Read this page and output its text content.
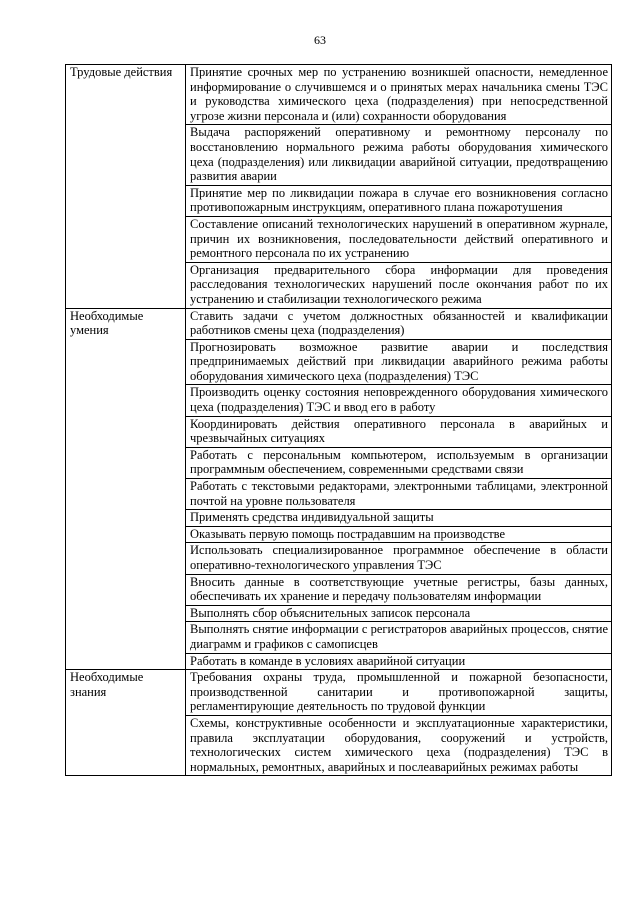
63
Трудовые действия	Принятие срочных мер по устранению возникшей опасности, немедленное информирование о случившемся и о принятых мерах начальника смены ТЭС и руководства химического цеха (подразделения) при непосредственной угрозе жизни персонала и (или) сохранности оборудования
	Выдача распоряжений оперативному и ремонтному персоналу по восстановлению нормального режима работы оборудования химического цеха (подразделения) или ликвидации аварийной ситуации, предотвращению развития аварии
	Принятие мер по ликвидации пожара в случае его возникновения согласно противопожарным инструкциям, оперативного плана пожаротушения
	Составление описаний технологических нарушений в оперативном журнале, причин их возникновения, последовательности действий оперативного и ремонтного персонала по их устранению
	Организация предварительного сбора информации для проведения расследования технологических нарушений после окончания работ по их устранению и стабилизации технологического режима
Необходимые умения	Ставить задачи с учетом должностных обязанностей и квалификации работников смены цеха (подразделения)
	Прогнозировать возможное развитие аварии и последствия предпринимаемых действий при ликвидации аварийного режима работы оборудования химического цеха (подразделения) ТЭС
	Производить оценку состояния неповрежденного оборудования химического цеха (подразделения) ТЭС и ввод его в работу
	Координировать действия оперативного персонала в аварийных и чрезвычайных ситуациях
	Работать с персональным компьютером, используемым в организации программным обеспечением, современными средствами связи
	Работать с текстовыми редакторами, электронными таблицами, электронной почтой на уровне пользователя
	Применять средства индивидуальной защиты
	Оказывать первую помощь пострадавшим на производстве
	Использовать специализированное программное обеспечение в области оперативно-технологического управления ТЭС
	Вносить данные в соответствующие учетные регистры, базы данных, обеспечивать их хранение и передачу пользователям информации
	Выполнять сбор объяснительных записок персонала
	Выполнять снятие информации с регистраторов аварийных процессов, снятие диаграмм и графиков с самописцев
	Работать в команде в условиях аварийной ситуации
Необходимые знания	Требования охраны труда, промышленной и пожарной безопасности, производственной санитарии и противопожарной защиты, регламентирующие деятельность по трудовой функции
	Схемы, конструктивные особенности и эксплуатационные характеристики, правила эксплуатации оборудования, сооружений и устройств, технологических систем химического цеха (подразделения) ТЭС в нормальных, ремонтных, аварийных и послеаварийных режимах работы
